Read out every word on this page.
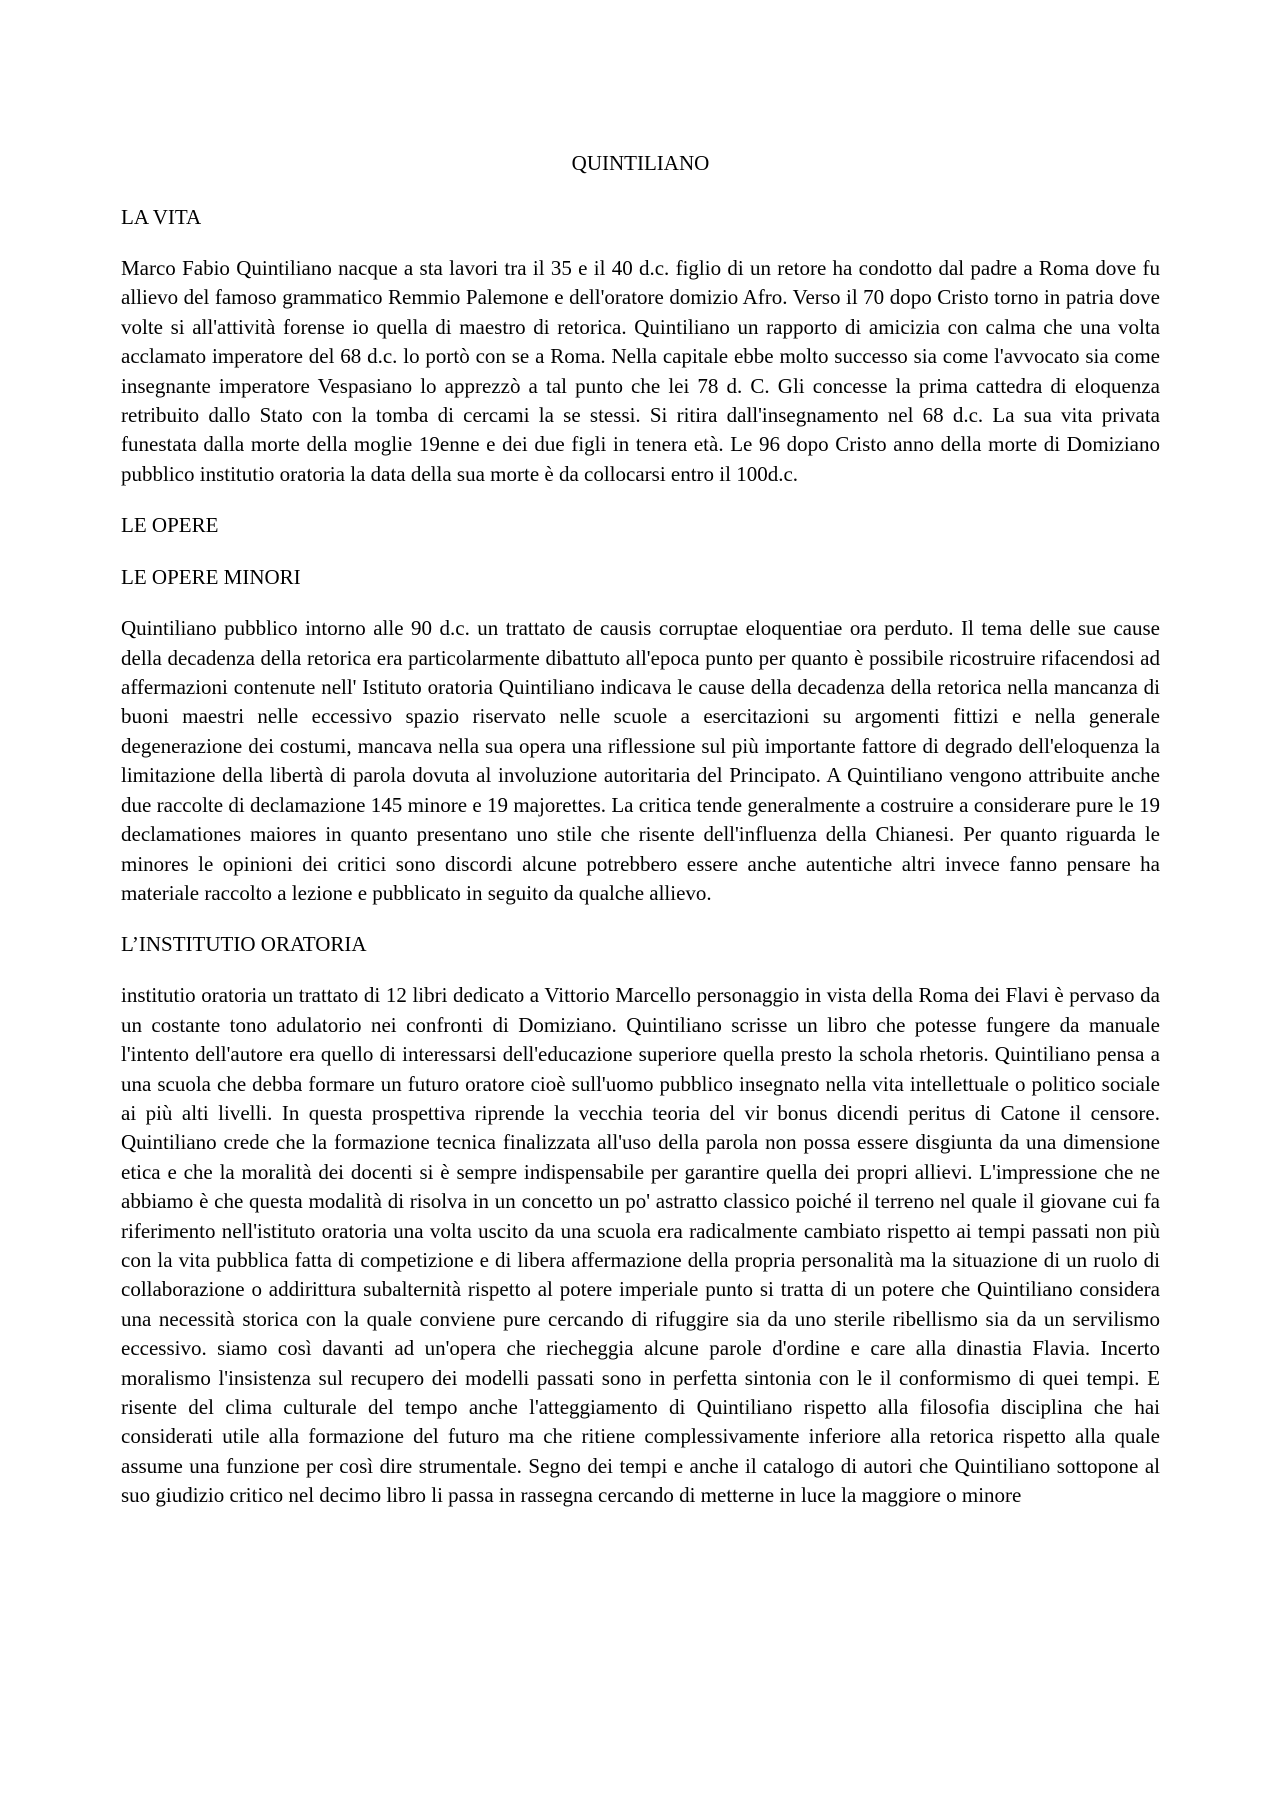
QUINTILIANO
LA VITA

Marco Fabio Quintiliano nacque a sta lavori tra il 35 e il 40 d.c. figlio di un retore ha condotto dal padre a Roma dove fu allievo del famoso grammatico Remmio Palemone e dell'oratore domizio Afro. Verso il 70 dopo Cristo torno in patria dove volte si all'attività forense io quella di maestro di retorica. Quintiliano un rapporto di amicizia con calma che una volta acclamato imperatore del 68 d.c. lo portò con se a Roma. Nella capitale ebbe molto successo sia come l'avvocato sia come insegnante imperatore Vespasiano lo apprezzò a tal punto che lei 78 d. C. Gli concesse la prima cattedra di eloquenza retribuito dallo Stato con la tomba di cercami la se stessi. Si ritira dall'insegnamento nel 68 d.c. La sua vita privata funestata dalla morte della moglie 19enne e dei due figli in tenera età. Le 96 dopo Cristo anno della morte di Domiziano pubblico institutio oratoria la data della sua morte è da collocarsi entro il 100d.c.

LE OPERE
LE OPERE MINORI

Quintiliano pubblico intorno alle 90 d.c. un trattato de causis corruptae eloquentiae ora perduto. Il tema delle sue cause della decadenza della retorica era particolarmente dibattuto all'epoca punto per quanto è possibile ricostruire rifacendosi ad affermazioni contenute nell' Istituto oratoria Quintiliano indicava le cause della decadenza della retorica nella mancanza di buoni maestri nelle eccessivo spazio riservato nelle scuole a esercitazioni su argomenti fittizi e nella generale degenerazione dei costumi, mancava nella sua opera una riflessione sul più importante fattore di degrado dell'eloquenza la limitazione della libertà di parola dovuta al involuzione autoritaria del Principato. A Quintiliano vengono attribuite anche due raccolte di declamazione 145 minore e 19 majorettes. La critica tende generalmente a costruire a considerare pure le 19 declamationes maiores in quanto presentano uno stile che risente dell'influenza della Chianesi. Per quanto riguarda le minores le opinioni dei critici sono discordi alcune potrebbero essere anche autentiche altri invece fanno pensare ha materiale raccolto a lezione e pubblicato in seguito da qualche allievo.

L’INSTITUTIO ORATORIA

institutio oratoria un trattato di 12 libri dedicato a Vittorio Marcello personaggio in vista della Roma dei Flavi è pervaso da un costante tono adulatorio nei confronti di Domiziano. Quintiliano scrisse un libro che potesse fungere da manuale l'intento dell'autore era quello di interessarsi dell'educazione superiore quella presto la schola rhetoris. Quintiliano pensa a una scuola che debba formare un futuro oratore cioè sull'uomo pubblico insegnato nella vita intellettuale o politico sociale ai più alti livelli. In questa prospettiva riprende la vecchia teoria del vir bonus dicendi peritus di Catone il censore. Quintiliano crede che la formazione tecnica finalizzata all'uso della parola non possa essere disgiunta da una dimensione etica e che la moralità dei docenti si è sempre indispensabile per garantire quella dei propri allievi. L'impressione che ne abbiamo è che questa modalità di risolva in un concetto un po' astratto classico poiché il terreno nel quale il giovane cui fa riferimento nell'istituto oratoria una volta uscito da una scuola era radicalmente cambiato rispetto ai tempi passati non più con la vita pubblica fatta di competizione e di libera affermazione della propria personalità ma la situazione di un ruolo di collaborazione o addirittura subalternità rispetto al potere imperiale punto si tratta di un potere che Quintiliano considera una necessità storica con la quale conviene pure cercando di rifuggire sia da uno sterile ribellismo sia da un servilismo eccessivo. siamo così davanti ad un'opera che riecheggia alcune parole d'ordine e care alla dinastia Flavia. Incerto moralismo l'insistenza sul recupero dei modelli passati sono in perfetta sintonia con le il conformismo di quei tempi. E risente del clima culturale del tempo anche l'atteggiamento di Quintiliano rispetto alla filosofia disciplina che hai considerati utile alla formazione del futuro ma che ritiene complessivamente inferiore alla retorica rispetto alla quale assume una funzione per così dire strumentale. Segno dei tempi e anche il catalogo di autori che Quintiliano sottopone al suo giudizio critico nel decimo libro li passa in rassegna cercando di metterne in luce la maggiore o minore
